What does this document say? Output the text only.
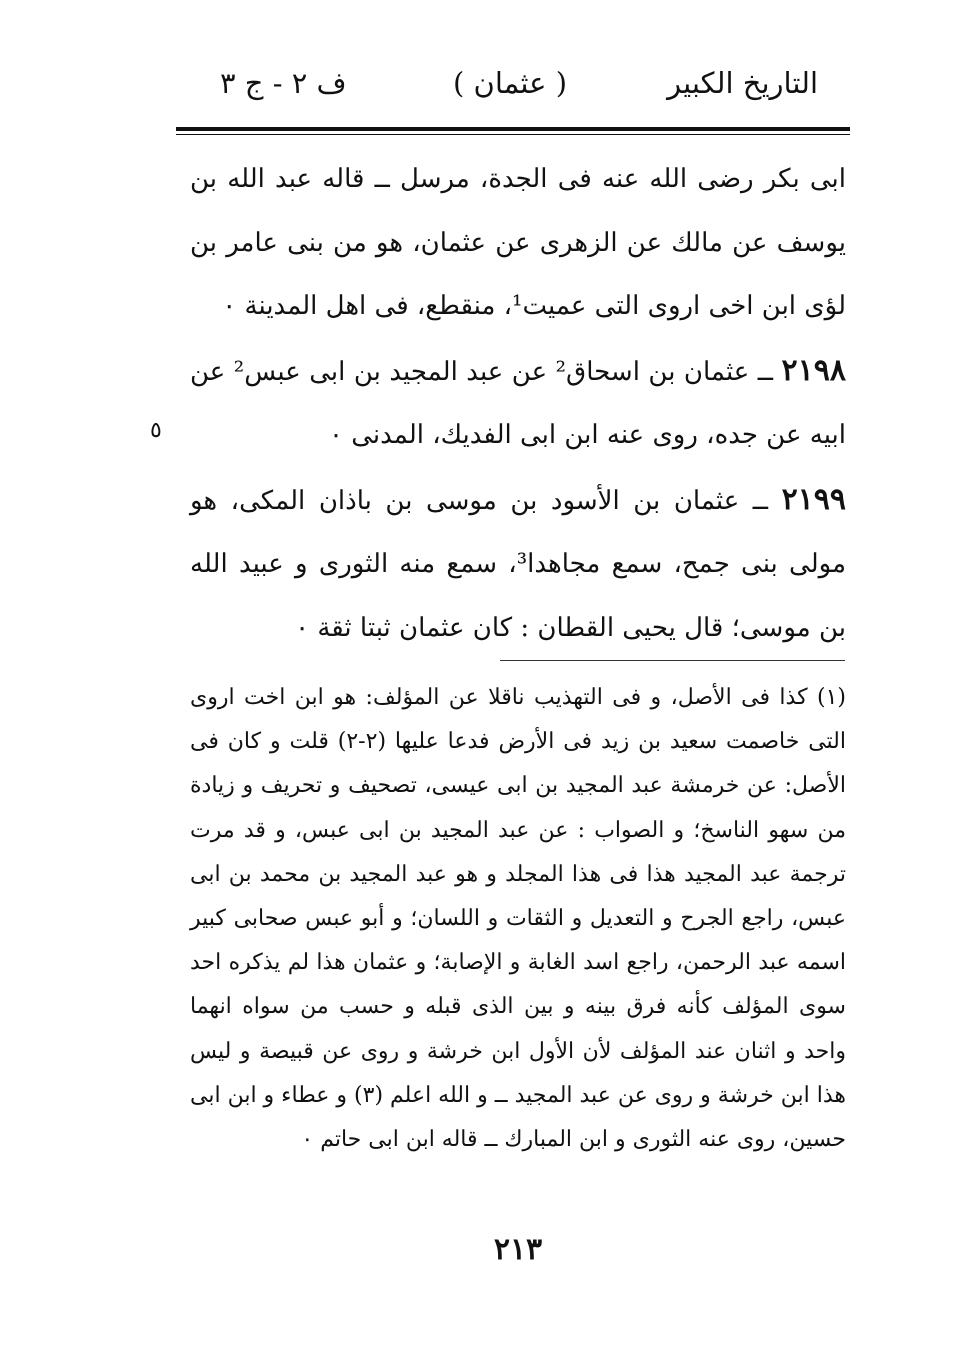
التاريخ الكبير
( عثمان )
ف ٢ - ج ٣

ابى بكر رضى الله عنه فى الجدة، مرسل ــ قاله عبد الله بن يوسف عن مالك عن الزهرى عن عثمان، هو من بنى عامر بن لؤى ابن اخى اروى التى عميت¹، منقطع، فى اهل المدينة ٠

٢١٩٨ ــ عثمان بن اسحاق² عن عبد المجيد بن ابى عبس² عن ابيه عن جده، روى عنه ابن ابى الفديك، المدنى ٠

٢١٩٩ ــ عثمان بن الأسود بن موسى بن باذان المكى، هو مولى بنى جمح، سمع مجاهدا³، سمع منه الثورى و عبيد الله بن موسى؛ قال يحيى القطان : كان عثمان ثبتا ثقة ٠

٥

(١) كذا فى الأصل، و فى التهذيب ناقلا عن المؤلف: هو ابن اخت اروى التى خاصمت سعيد بن زيد فى الأرض فدعا عليها (٢-٢) قلت و كان فى الأصل: عن خرمشة عبد المجيد بن ابى عيسى، تصحيف و تحريف و زيادة من سهو الناسخ؛ و الصواب : عن عبد المجيد بن ابى عبس، و قد مرت ترجمة عبد المجيد هذا فى هذا المجلد و هو عبد المجيد بن محمد بن ابى عبس، راجع الجرح و التعديل و الثقات و اللسان؛ و أبو عبس صحابى كبير اسمه عبد الرحمن، راجع اسد الغابة و الإصابة؛ و عثمان هذا لم يذكره احد سوى المؤلف كأنه فرق بينه و بين الذى قبله و حسب من سواه انهما واحد و اثنان عند المؤلف لأن الأول ابن خرشة و روى عن قبيصة و ليس هذا ابن خرشة و روى عن عبد المجيد ــ و الله اعلم (٣) و عطاء و ابن ابى حسين، روى عنه الثورى و ابن المبارك ــ قاله ابن ابى حاتم ٠

٢١٣
